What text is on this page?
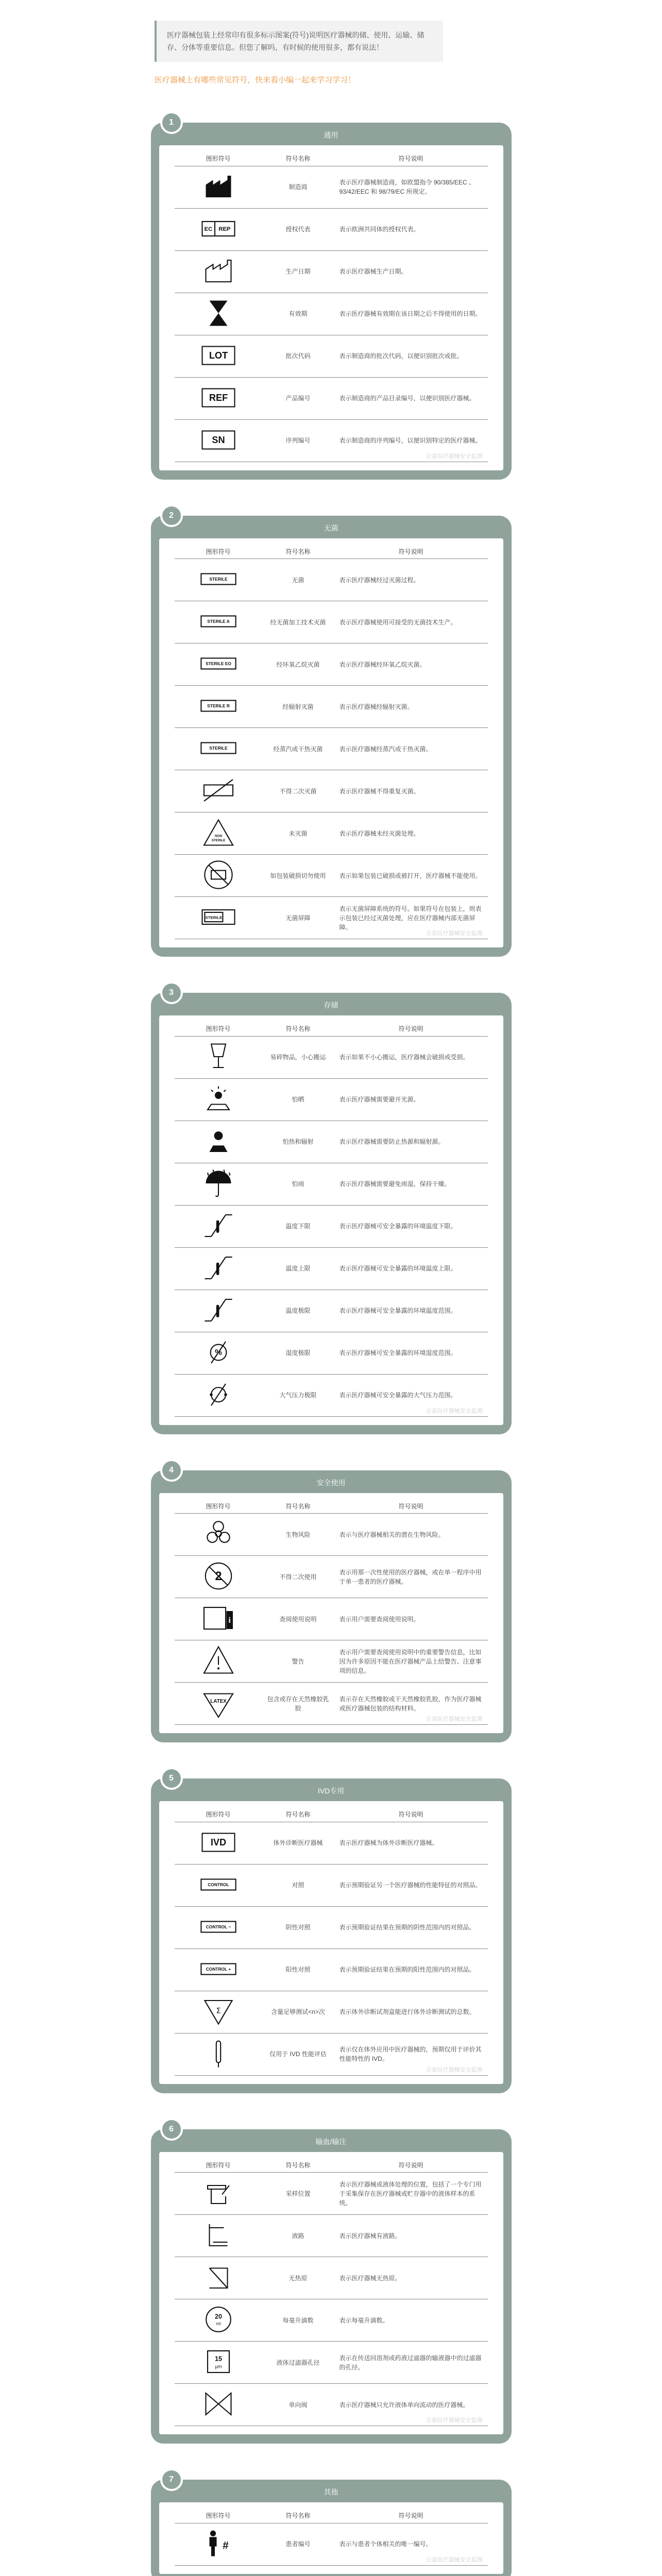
医疗器械包装上经常印有很多标示图案(符号)说明医疗器械的储、使用、运输、储存、分体等重要信息。但您了解吗，有时候的使用很多，都有说法！

医疗器械上有哪些常见符号，快来看小编一起来学习学习！

1
通用
图形符号	符号名称	符号说明
	制造商	表示医疗器械制造商，如欧盟指令 90/385/EEC 、93/42/EEC 和 98/79/EC 所规定。

EC REP	授权代表	表示欧洲共同体的授权代表。
	生产日期	表示医疗器械生产日期。
	有效期	表示医疗器械有效期在该日期之后不得使用的日期。

LOT	批次代码	表示制造商的批次代码，以便识别批次或批。

REF	产品编号	表示制造商的产品目录编号，以便识别医疗器械。

SN	序列编号	表示制造商的序列编号，以便识别特定的医疗器械。
合泰医疗器械安全监测
2
无菌
图形符号	符号名称	符号说明

STERILE	无菌	表示医疗器械经过灭菌过程。

STERILE A	经无菌加工技术灭菌	表示医疗器械使用可接受的无菌技术生产。

STERILE EO	经环氧乙烷灭菌	表示医疗器械经环氧乙烷灭菌。

STERILE R	经辐射灭菌	表示医疗器械经辐射灭菌。

STERILE	经蒸汽或干热灭菌	表示医疗器械经蒸汽或干热灭菌。
	不得二次灭菌	表示医疗器械不得重复灭菌。

NON
STERILE	未灭菌	表示医疗器械未经灭菌处理。
	如包装破损切勿使用	表示如果包装已破损或被打开，医疗器械不能使用。

STERILE	无菌屏障	表示无菌屏障系统的符号。如果符号在包装上，则表示包装已经过灭菌处理，应在医疗器械内部无菌屏障。
合泰医疗器械安全监测
3
存储
图形符号	符号名称	符号说明
	易碎物品，小心搬运	表示如果不小心搬运，医疗器械会破损或受损。
	怕晒	表示医疗器械需要避开光源。
	怕热和辐射	表示医疗器械需要防止热源和辐射源。
	怕雨	表示医疗器械需要避免雨湿，保持干燥。
	温度下限	表示医疗器械可安全暴露的环境温度下限。
	温度上限	表示医疗器械可安全暴露的环境温度上限。
	温度极限	表示医疗器械可安全暴露的环境温度范围。

%	湿度极限	表示医疗器械可安全暴露的环境湿度范围。
	大气压力极限	表示医疗器械可安全暴露的大气压力范围。
合泰医疗器械安全监测
4
安全使用
图形符号	符号名称	符号说明
	生物风险	表示与医疗器械相关的潜在生物风险。

2	不得二次使用	表示用那一次性使用的医疗器械，或在单一程序中用于单一患者的医疗器械。

i	查阅使用说明	表示用户需要查阅使用说明。
	警告	表示用户需要查阅使用说明中的重要警告信息，比如因为许多原因不能在医疗器械产品上给警告、注意事项的信息。

LATEX	包含或存在天然橡胶乳胶	表示存在天然橡胶或干天然橡胶乳胶，作为医疗器械或医疗器械包装的结构材料。
合泰医疗器械安全监测
5
IVD专用
图形符号	符号名称	符号说明

IVD	体外诊断医疗器械	表示医疗器械为体外诊断医疗器械。

CONTROL	对照	表示预期验证另一个医疗器械的性能特征的对照品。

CONTROL −	阴性对照	表示预期验证结果在预期的阴性范围内的对照品。

CONTROL +	阳性对照	表示预期验证结果在预期的阳性范围内的对照品。

Σ	含量足够测试<n>次	表示体外诊断试剂盒能进行体外诊断测试的总数。
	仅用于 IVD 性能评估	表示仅在体外应用中医疗器械的，预期仅用于评价其性能特性的 IVD。
合泰医疗器械安全监测
6
输血/输注
图形符号	符号名称	符号说明
	采样位置	表示医疗器械或液体处理的位置，包括了一个专门用于采集保存在医疗器械或贮存器中的液体样本的系统。
	液路	表示医疗器械有液路。
	无热原	表示医疗器械无热原。

20
ml	每毫升滴数	表示每毫升滴数。

15
µm	液体过滤器孔径	表示在传送回溶剂或药液过滤器的输液器中的过滤器的孔径。
	单向阀	表示医疗器械只允许液体单向流动的医疗器械。
合泰医疗器械安全监测
7
其他
图形符号	符号名称	符号说明

#	患者编号	表示与患者个体相关的唯一编号。
合泰医疗器械安全监测
